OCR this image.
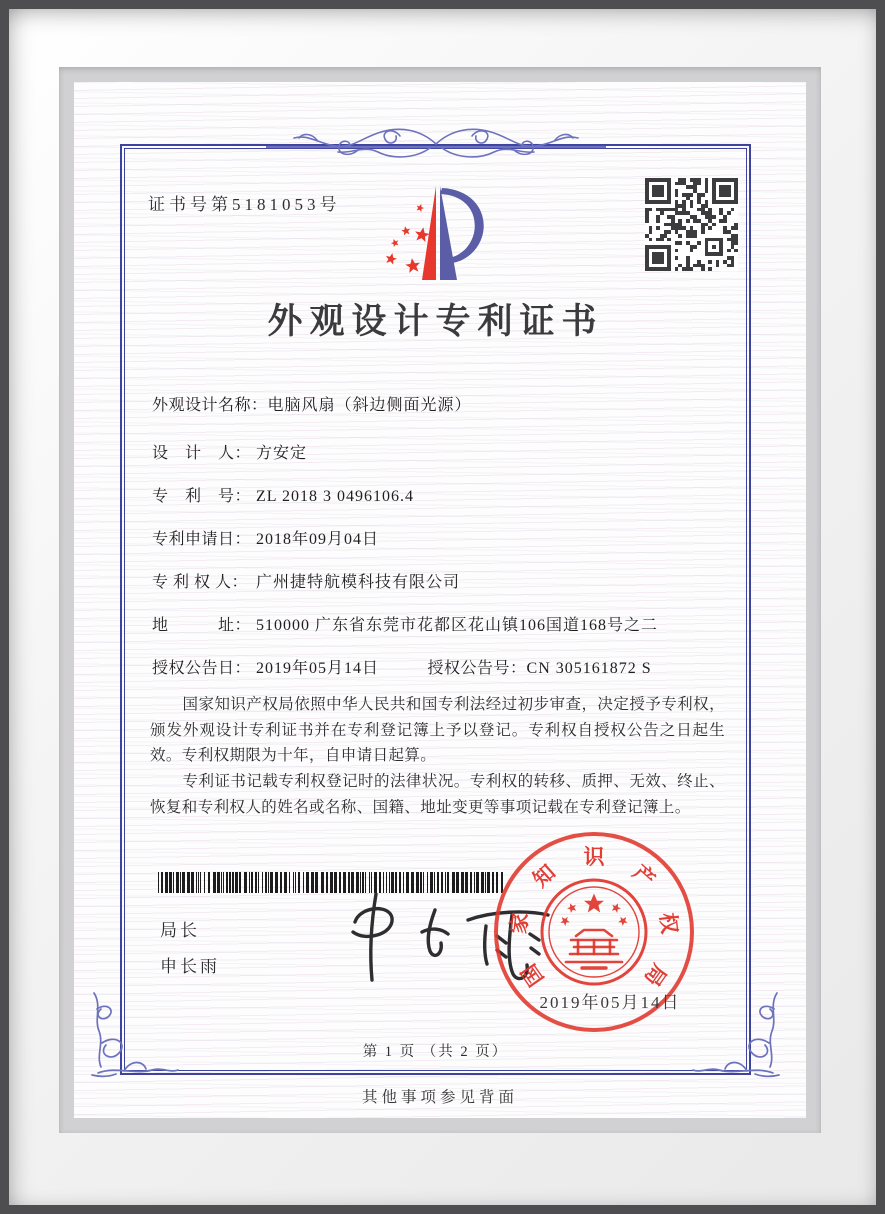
证书号第5181053号
外观设计专利证书
外观设计名称：电脑风扇（斜边侧面光源）
设　计　人： 方安定
专　利　号： ZL 2018 3 0496106.4
专利申请日： 2018年09月04日
专 利 权 人： 广州捷特航模科技有限公司
地　　　址： 510000 广东省东莞市花都区花山镇106国道168号之二
授权公告日： 2019年05月14日	授权公告号：CN 305161872 S

国家知识产权局依照中华人民共和国专利法经过初步审查，决定授予专利权，颁发外观设计专利证书并在专利登记簿上予以登记。专利权自授权公告之日起生效。专利权期限为十年，自申请日起算。

专利证书记载专利权登记时的法律状况。专利权的转移、质押、无效、终止、恢复和专利权人的姓名或名称、国籍、地址变更等事项记载在专利登记簿上。

局长
申长雨	国
家
知
识
产
权
局
2019年05月14日
第 1 页 （共 2 页）
其他事项参见背面
